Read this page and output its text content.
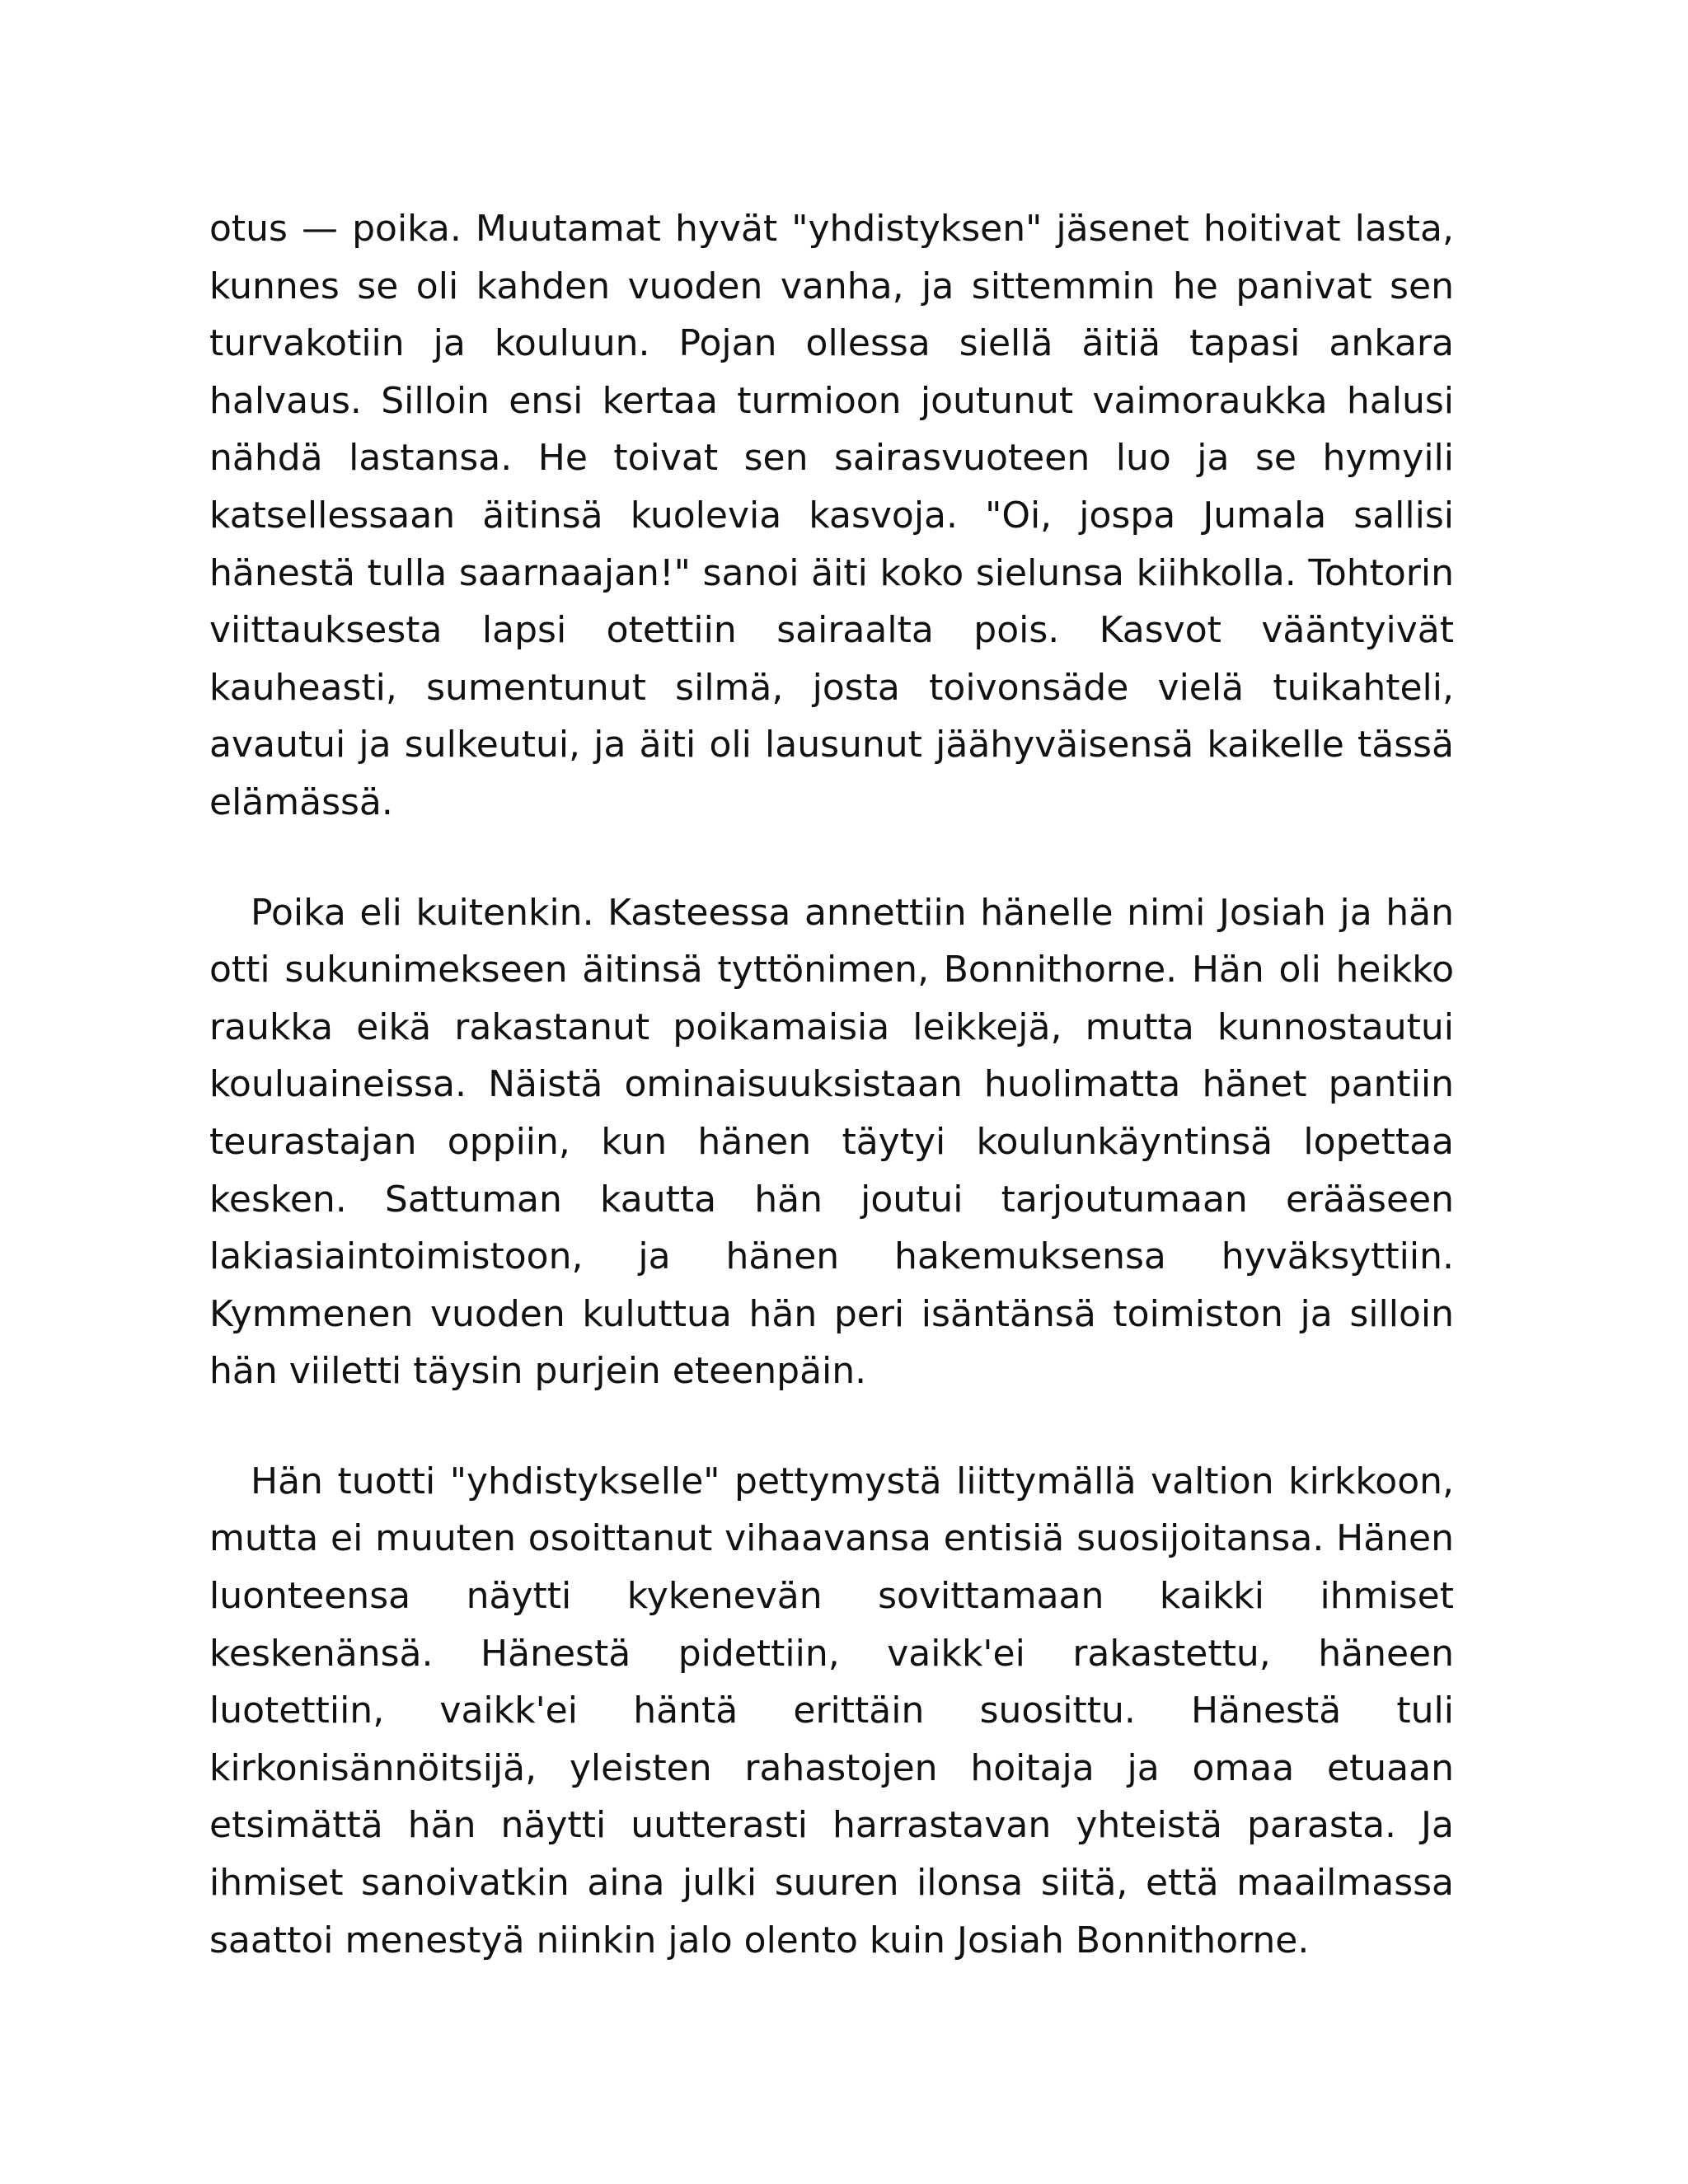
otus — poika. Muutamat hyvät "yhdistyksen" jäsenet hoitivat lasta, kunnes se oli kahden vuoden vanha, ja sittemmin he panivat sen turvakotiin ja kouluun. Pojan ollessa siellä äitiä tapasi ankara halvaus. Silloin ensi kertaa turmioon joutunut vaimoraukka halusi nähdä lastansa. He toivat sen sairasvuoteen luo ja se hymyili katsellessaan äitinsä kuolevia kasvoja. "Oi, jospa Jumala sallisi hänestä tulla saarnaajan!" sanoi äiti koko sielunsa kiihkolla. Tohtorin viittauksesta lapsi otettiin sairaalta pois. Kasvot vääntyivät kauheasti, sumentunut silmä, josta toivonsäde vielä tuikahteli, avautui ja sulkeutui, ja äiti oli lausunut jäähyväisensä kaikelle tässä elämässä.

Poika eli kuitenkin. Kasteessa annettiin hänelle nimi Josiah ja hän otti sukunimekseen äitinsä tyttönimen, Bonnithorne. Hän oli heikko raukka eikä rakastanut poikamaisia leikkejä, mutta kunnostautui kouluaineissa. Näistä ominaisuuksistaan huolimatta hänet pantiin teurastajan oppiin, kun hänen täytyi koulunkäyntinsä lopettaa kesken. Sattuman kautta hän joutui tarjoutumaan erääseen lakiasiaintoimistoon, ja hänen hakemuksensa hyväksyttiin. Kymmenen vuoden kuluttua hän peri isäntänsä toimiston ja silloin hän viiletti täysin purjein eteenpäin.

Hän tuotti "yhdistykselle" pettymystä liittymällä valtion kirkkoon, mutta ei muuten osoittanut vihaavansa entisiä suosijoitansa. Hänen luonteensa näytti kykenevän sovittamaan kaikki ihmiset keskenänsä. Hänestä pidettiin, vaikk'ei rakastettu, häneen luotettiin, vaikk'ei häntä erittäin suosittu. Hänestä tuli kirkonisännöitsijä, yleisten rahastojen hoitaja ja omaa etuaan etsimättä hän näytti uutterasti harrastavan yhteistä parasta. Ja ihmiset sanoivatkin aina julki suuren ilonsa siitä, että maailmassa saattoi menestyä niinkin jalo olento kuin Josiah Bonnithorne.
